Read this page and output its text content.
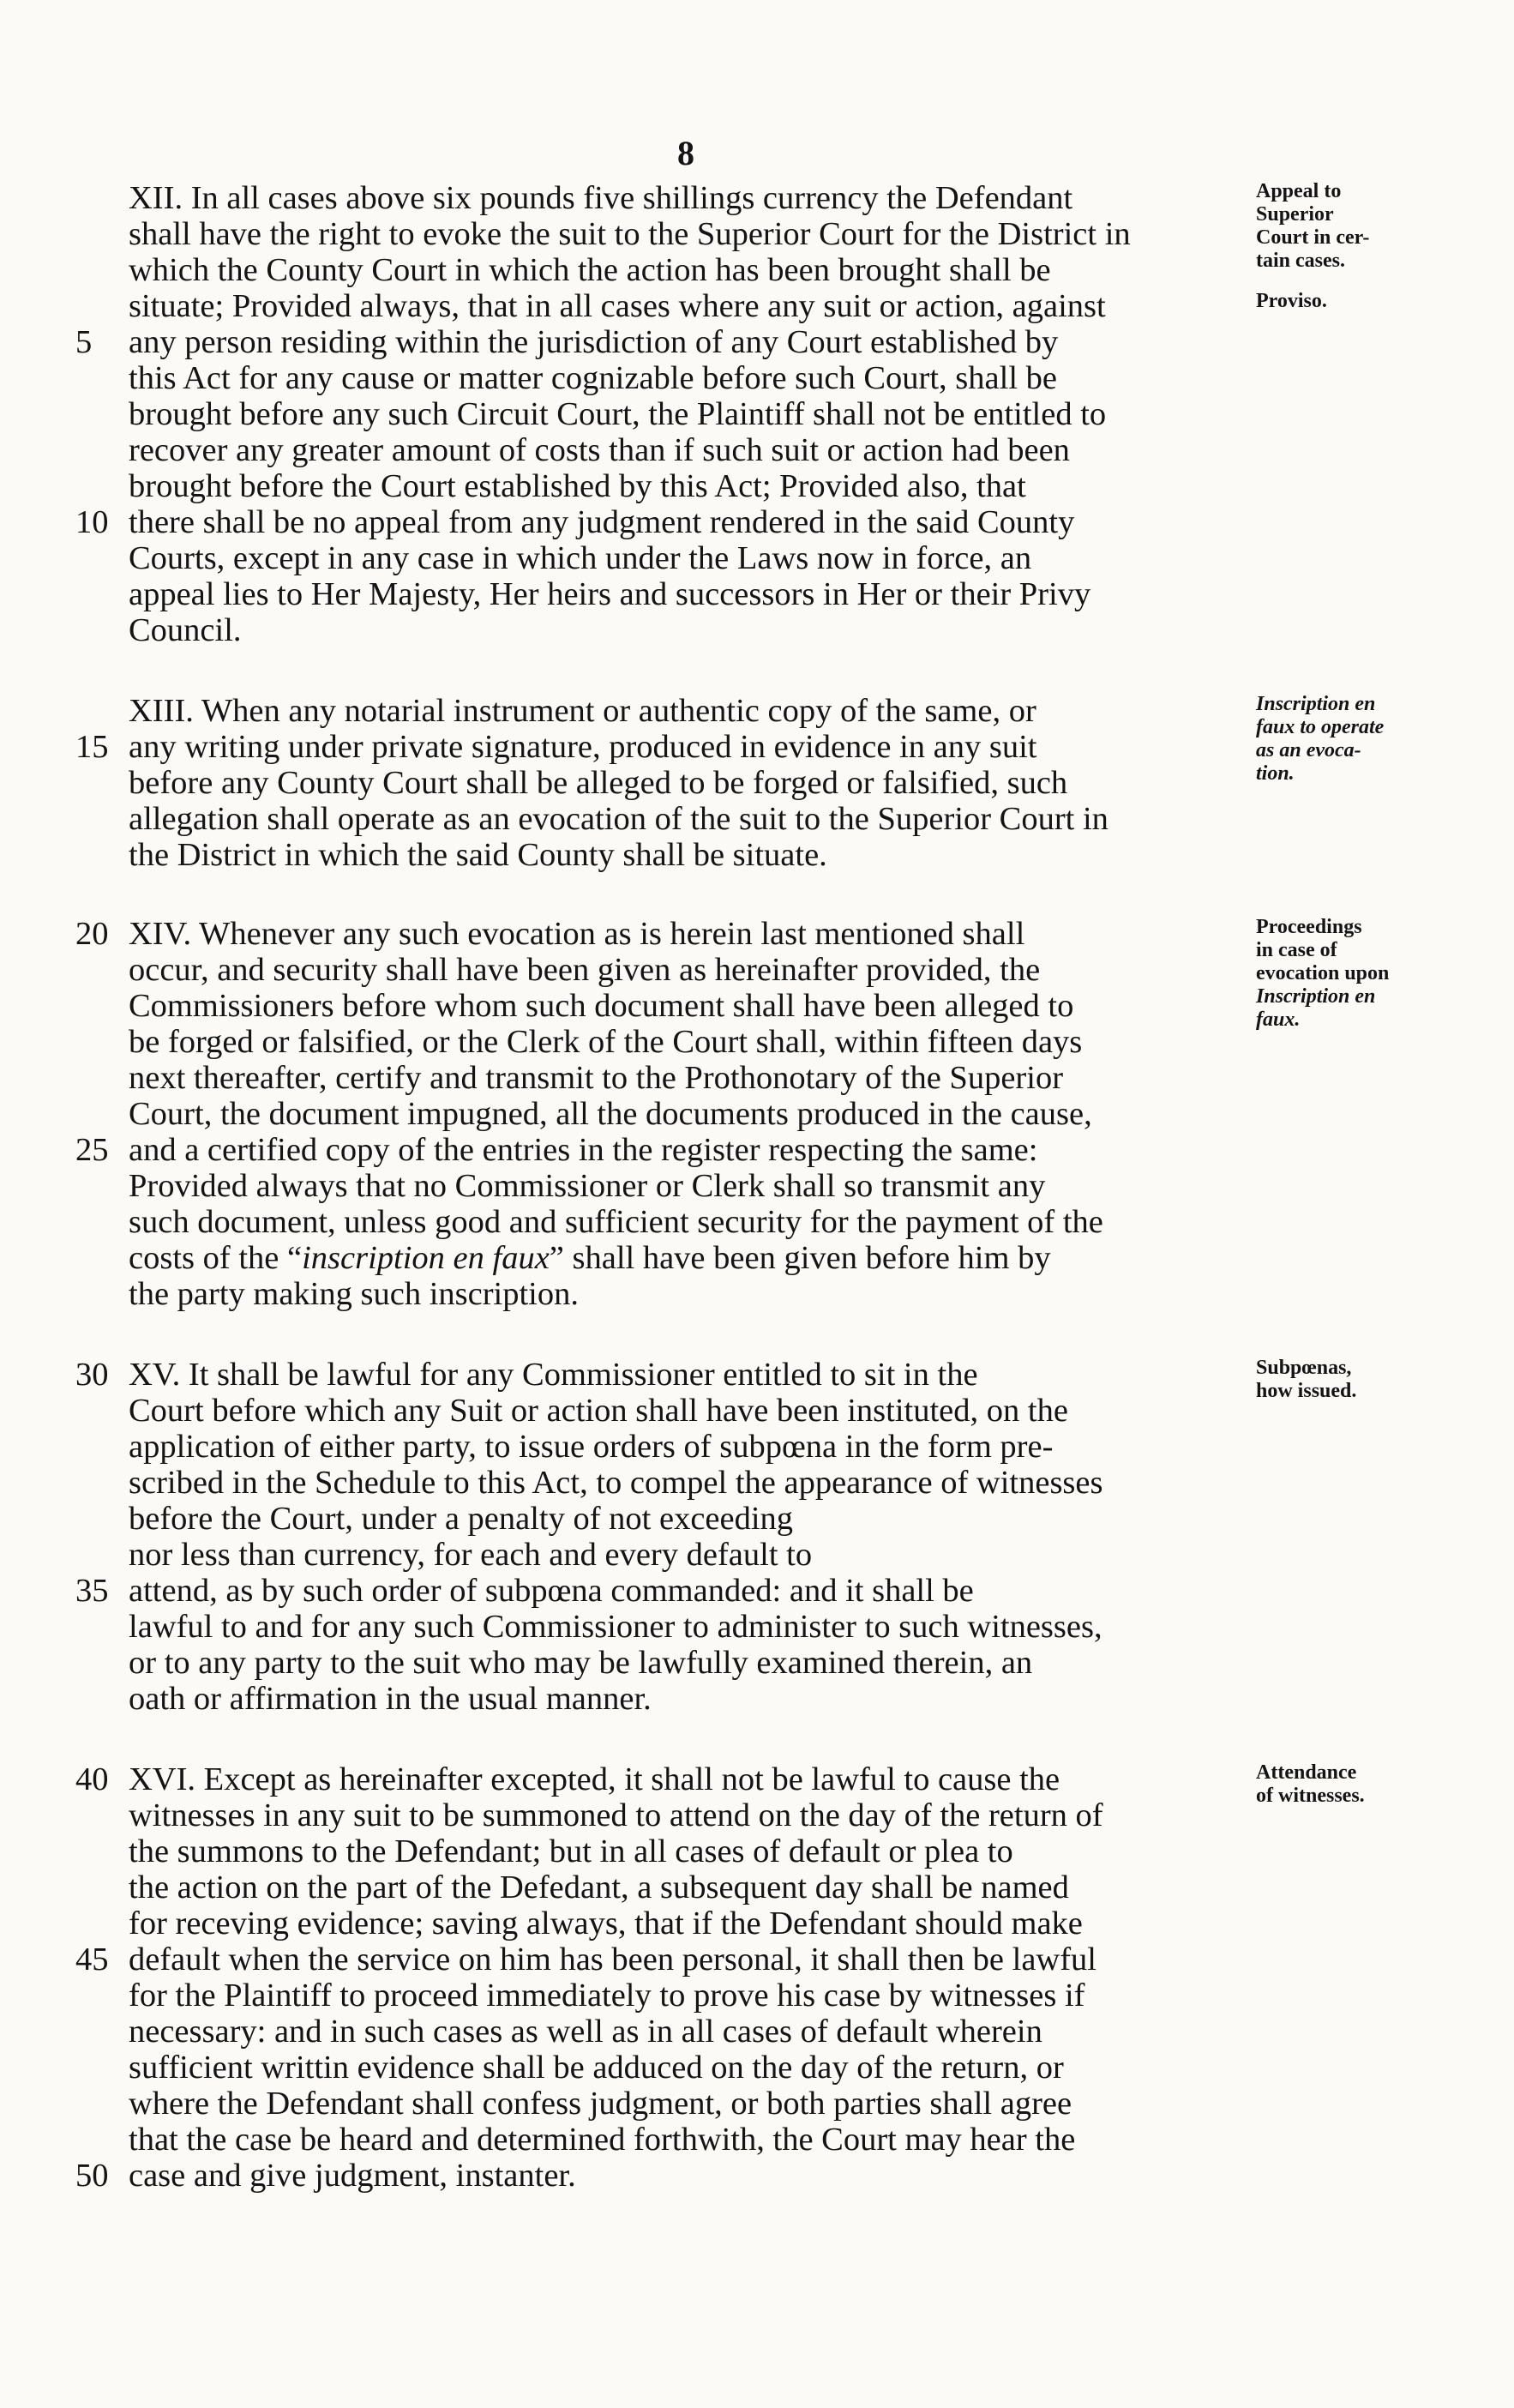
8
XII. In all cases above six pounds five shillings currency the Defendant
shall have the right to evoke the suit to the Superior Court for the District in
which the County Court in which the action has been brought shall be
situate; Provided always, that in all cases where any suit or action, against
any person residing within the jurisdiction of any Court established by
this Act for any cause or matter cognizable before such Court, shall be
brought before any such Circuit Court, the Plaintiff shall not be entitled to
recover any greater amount of costs than if such suit or action had been
brought before the Court established by this Act; Provided also, that
there shall be no appeal from any judgment rendered in the said County
Courts, except in any case in which under the Laws now in force, an
appeal lies to Her Majesty, Her heirs and successors in Her or their Privy
Council.
XIII. When any notarial instrument or authentic copy of the same, or
any writing under private signature, produced in evidence in any suit
before any County Court shall be alleged to be forged or falsified, such
allegation shall operate as an evocation of the suit to the Superior Court in
the District in which the said County shall be situate.
XIV. Whenever any such evocation as is herein last mentioned shall
occur, and security shall have been given as hereinafter provided, the
Commissioners before whom such document shall have been alleged to
be forged or falsified, or the Clerk of the Court shall, within fifteen days
next thereafter, certify and transmit to the Prothonotary of the Superior
Court, the document impugned, all the documents produced in the cause,
and a certified copy of the entries in the register respecting the same:
Provided always that no Commissioner or Clerk shall so transmit any
such document, unless good and sufficient security for the payment of the
the party making such inscription.
XV. It shall be lawful for any Commissioner entitled to sit in the
Court before which any Suit or action shall have been instituted, on the
application of either party, to issue orders of subpœna in the form pre-
scribed in the Schedule to this Act, to compel the appearance of witnesses
before the Court, under a penalty of not exceeding
nor less than currency, for each and every default to
attend, as by such order of subpœna commanded: and it shall be
lawful to and for any such Commissioner to administer to such witnesses,
or to any party to the suit who may be lawfully examined therein, an
oath or affirmation in the usual manner.
XVI. Except as hereinafter excepted, it shall not be lawful to cause the
witnesses in any suit to be summoned to attend on the day of the return of
the summons to the Defendant; but in all cases of default or plea to
the action on the part of the Defedant, a subsequent day shall be named
for receving evidence; saving always, that if the Defendant should make
default when the service on him has been personal, it shall then be lawful
for the Plaintiff to proceed immediately to prove his case by witnesses if
necessary: and in such cases as well as in all cases of default wherein
sufficient writtin evidence shall be adduced on the day of the return, or
where the Defendant shall confess judgment, or both parties shall agree
that the case be heard and determined forthwith, the Court may hear the
case and give judgment, instanter.
costs of the “inscription en faux” shall have been given before him by
5
10
15
20
25
30
35
40
45
50
Appeal to
Superior
Court in cer-
tain cases.
Proviso.
Inscription en
faux to operate
as an evoca-
tion.
Proceedings
in case of
evocation upon
Inscription en
faux.
Subpœnas,
how issued.
Attendance
of witnesses.
